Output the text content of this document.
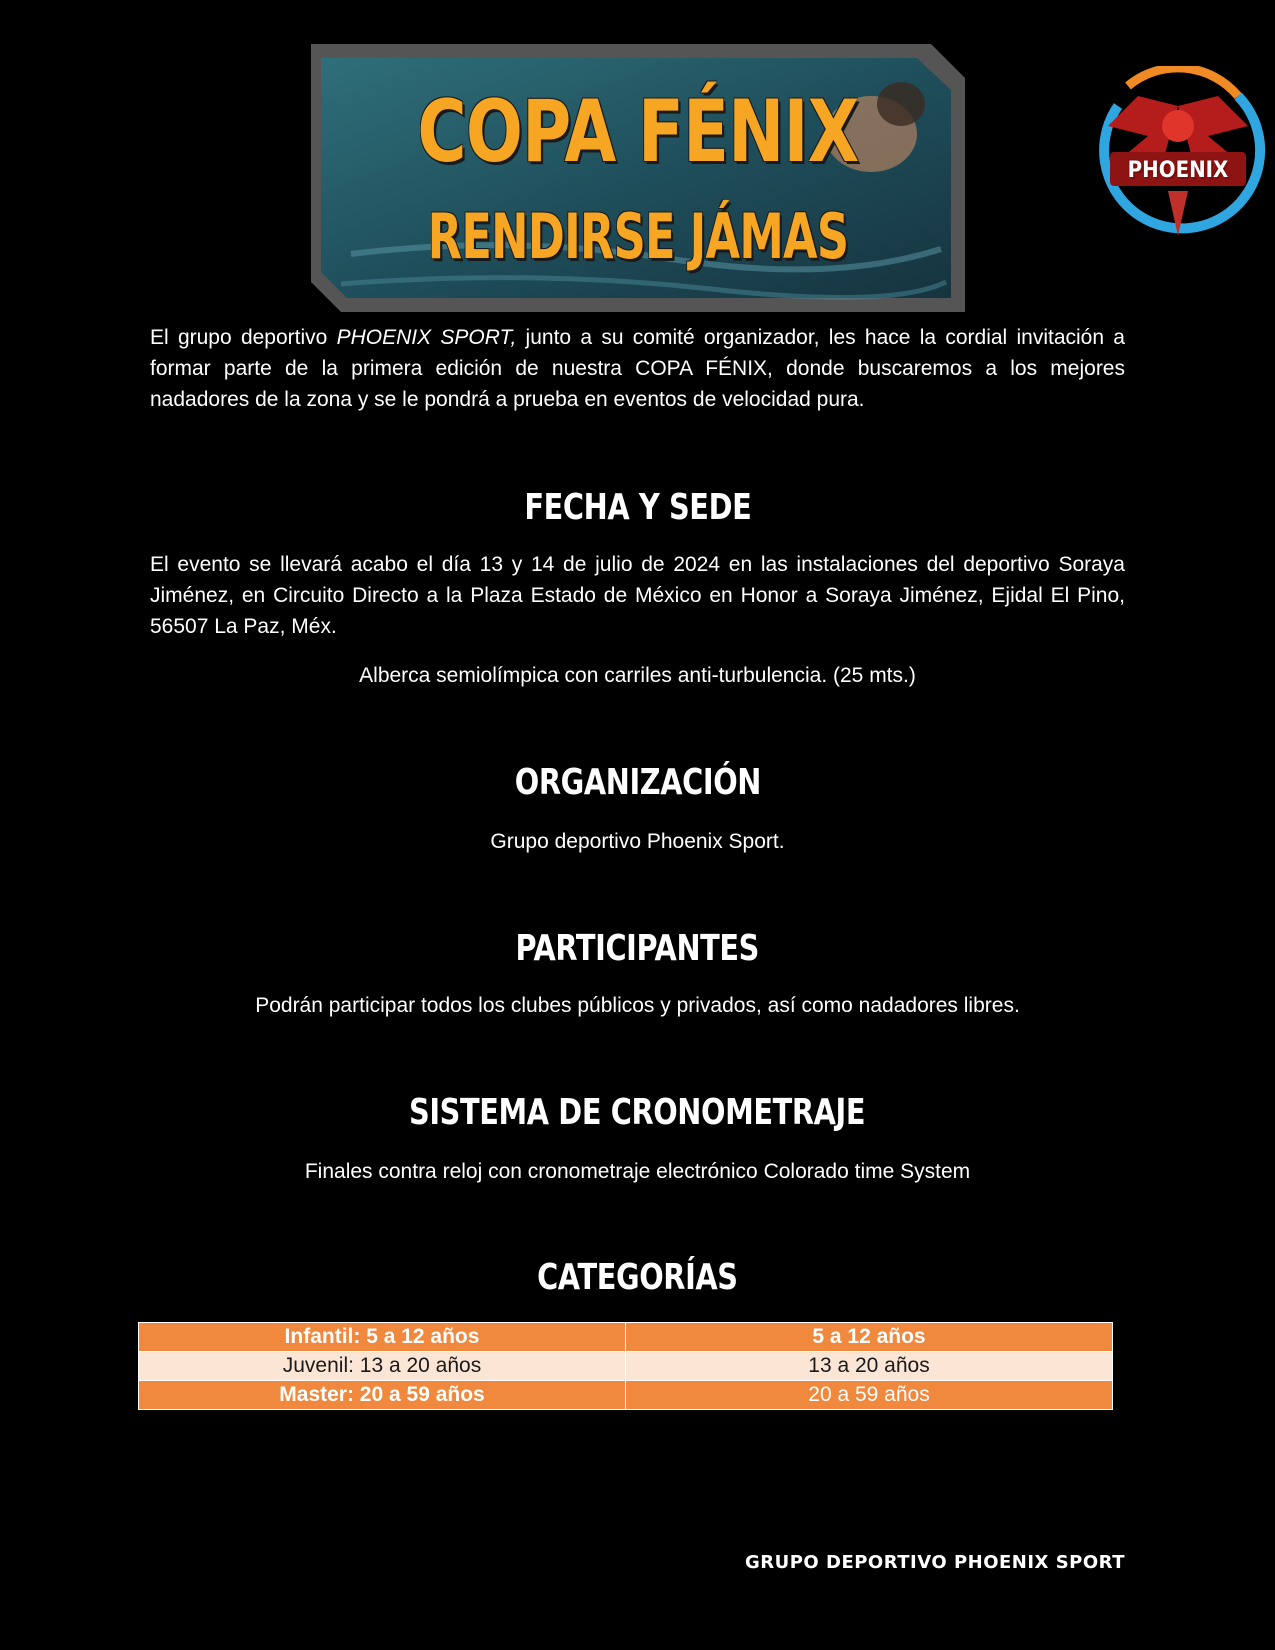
COPA FÉNIX
RENDIRSE JÁMAS
PHOENIX
El grupo deportivo PHOENIX SPORT, junto a su comité organizador, les hace la cordial invitación a formar parte de la primera edición de nuestra COPA FÉNIX, donde buscaremos a los mejores nadadores de la zona y se le pondrá a prueba en eventos de velocidad pura.
FECHA Y SEDE
El evento se llevará acabo el día 13 y 14 de julio de 2024 en las instalaciones del deportivo Soraya Jiménez, en Circuito Directo a la Plaza Estado de México en Honor a Soraya Jiménez, Ejidal El Pino, 56507 La Paz, Méx.
Alberca semiolímpica con carriles anti-turbulencia. (25 mts.)
ORGANIZACIÓN
Grupo deportivo Phoenix Sport.
PARTICIPANTES
Podrán participar todos los clubes públicos y privados, así como nadadores libres.
SISTEMA DE CRONOMETRAJE
Finales contra reloj con cronometraje electrónico Colorado time System
CATEGORÍAS
Infantil: 5 a 12 años	5 a 12 años
Juvenil: 13 a 20 años	13 a 20 años
Master: 20 a 59 años	20 a 59 años
GRUPO DEPORTIVO PHOENIX SPORT
